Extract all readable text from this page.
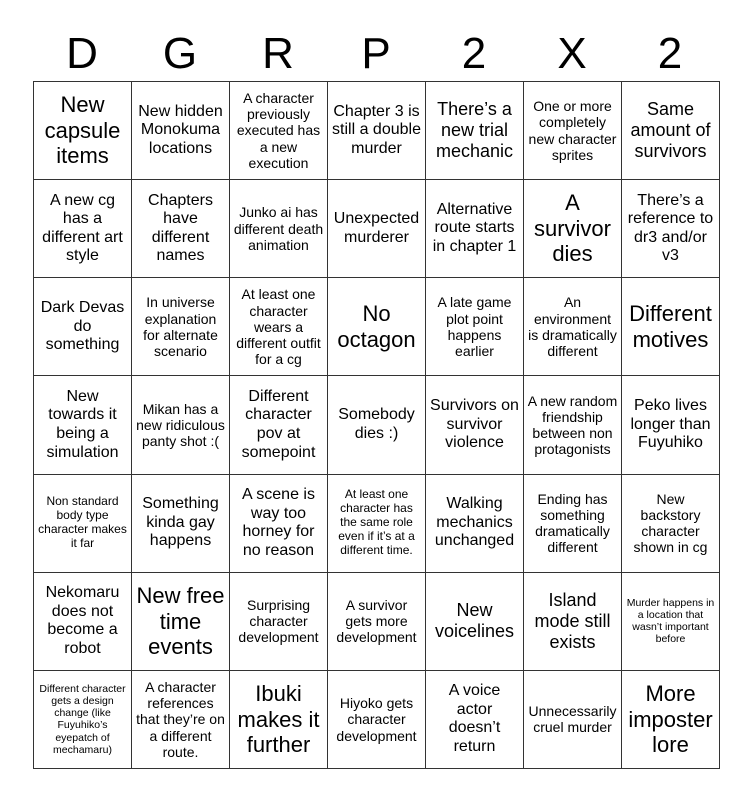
D	G	R	P	2	X	2
New capsule items	New hidden Monokuma locations	A character previously executed has a new execution	Chapter 3 is still a double murder	There’s a new trial mechanic	One or more completely new character sprites	Same amount of survivors
A new cg has a different art style	Chapters have different names	Junko ai has different death animation	Unexpected murderer	Alternative route starts in chapter 1	A survivor dies	There’s a reference to dr3 and/or v3
Dark Devas do something	In universe explanation for alternate scenario	At least one character wears a different outfit for a cg	No octagon	A late game plot point happens earlier	An environment is dramatically different	Different motives
New towards it being a simulation	Mikan has a new ridiculous panty shot :(	Different character pov at somepoint	Somebody dies :)	Survivors on survivor violence	A new random friendship between non protagonists	Peko lives longer than Fuyuhiko
Non standard body type character makes it far	Something kinda gay happens	A scene is way too horney for no reason	At least one character has the same role even if it’s at a different time.	Walking mechanics unchanged	Ending has something dramatically different	New backstory character shown in cg
Nekomaru does not become a robot	New free time events	Surprising character development	A survivor gets more development	New voicelines	Island mode still exists	Murder happens in a location that wasn’t important before
Different character gets a design change (like Fuyuhiko’s eyepatch of mechamaru)	A character references that they’re on a different route.	Ibuki makes it further	Hiyoko gets character development	A voice actor doesn’t return	Unnecessarily cruel murder	More imposter lore
